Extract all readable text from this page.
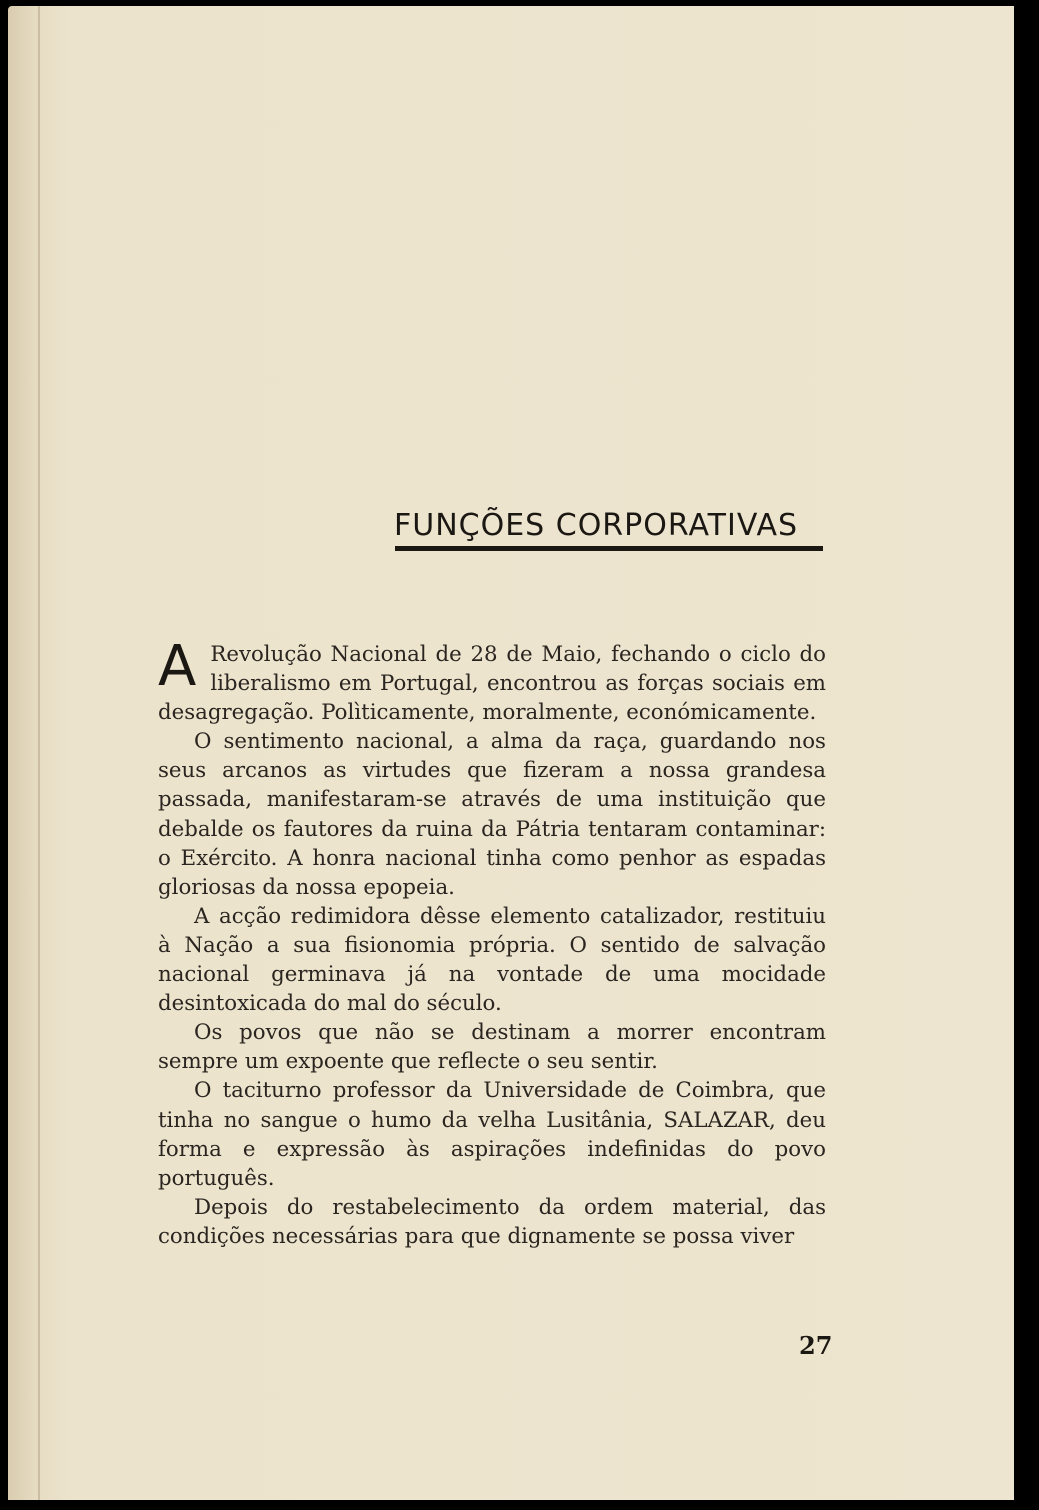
FUNÇÕES CORPORATIVAS

A Revolução Nacional de 28 de Maio, fechando o ciclo do liberalismo em Portugal, encontrou as forças sociais em desagregação. Polìticamente, moralmente, económicamente.

O sentimento nacional, a alma da raça, guardando nos seus arcanos as virtudes que fizeram a nossa grandesa passada, manifestaram-se através de uma instituição que debalde os fautores da ruina da Pátria tentaram contaminar: o Exército. A honra nacional tinha como penhor as espadas gloriosas da nossa epopeia.

A acção redimidora dêsse elemento catalizador, restituiu à Nação a sua fisionomia própria. O sentido de salvação nacional germinava já na vontade de uma mocidade desintoxicada do mal do século.

Os povos que não se destinam a morrer encontram sempre um expoente que reflecte o seu sentir.

O taciturno professor da Universidade de Coimbra, que tinha no sangue o humo da velha Lusitânia, SALAZAR, deu forma e expressão às aspirações indefinidas do povo português.

Depois do restabelecimento da ordem material, das condições necessárias para que dignamente se possa viver

27
